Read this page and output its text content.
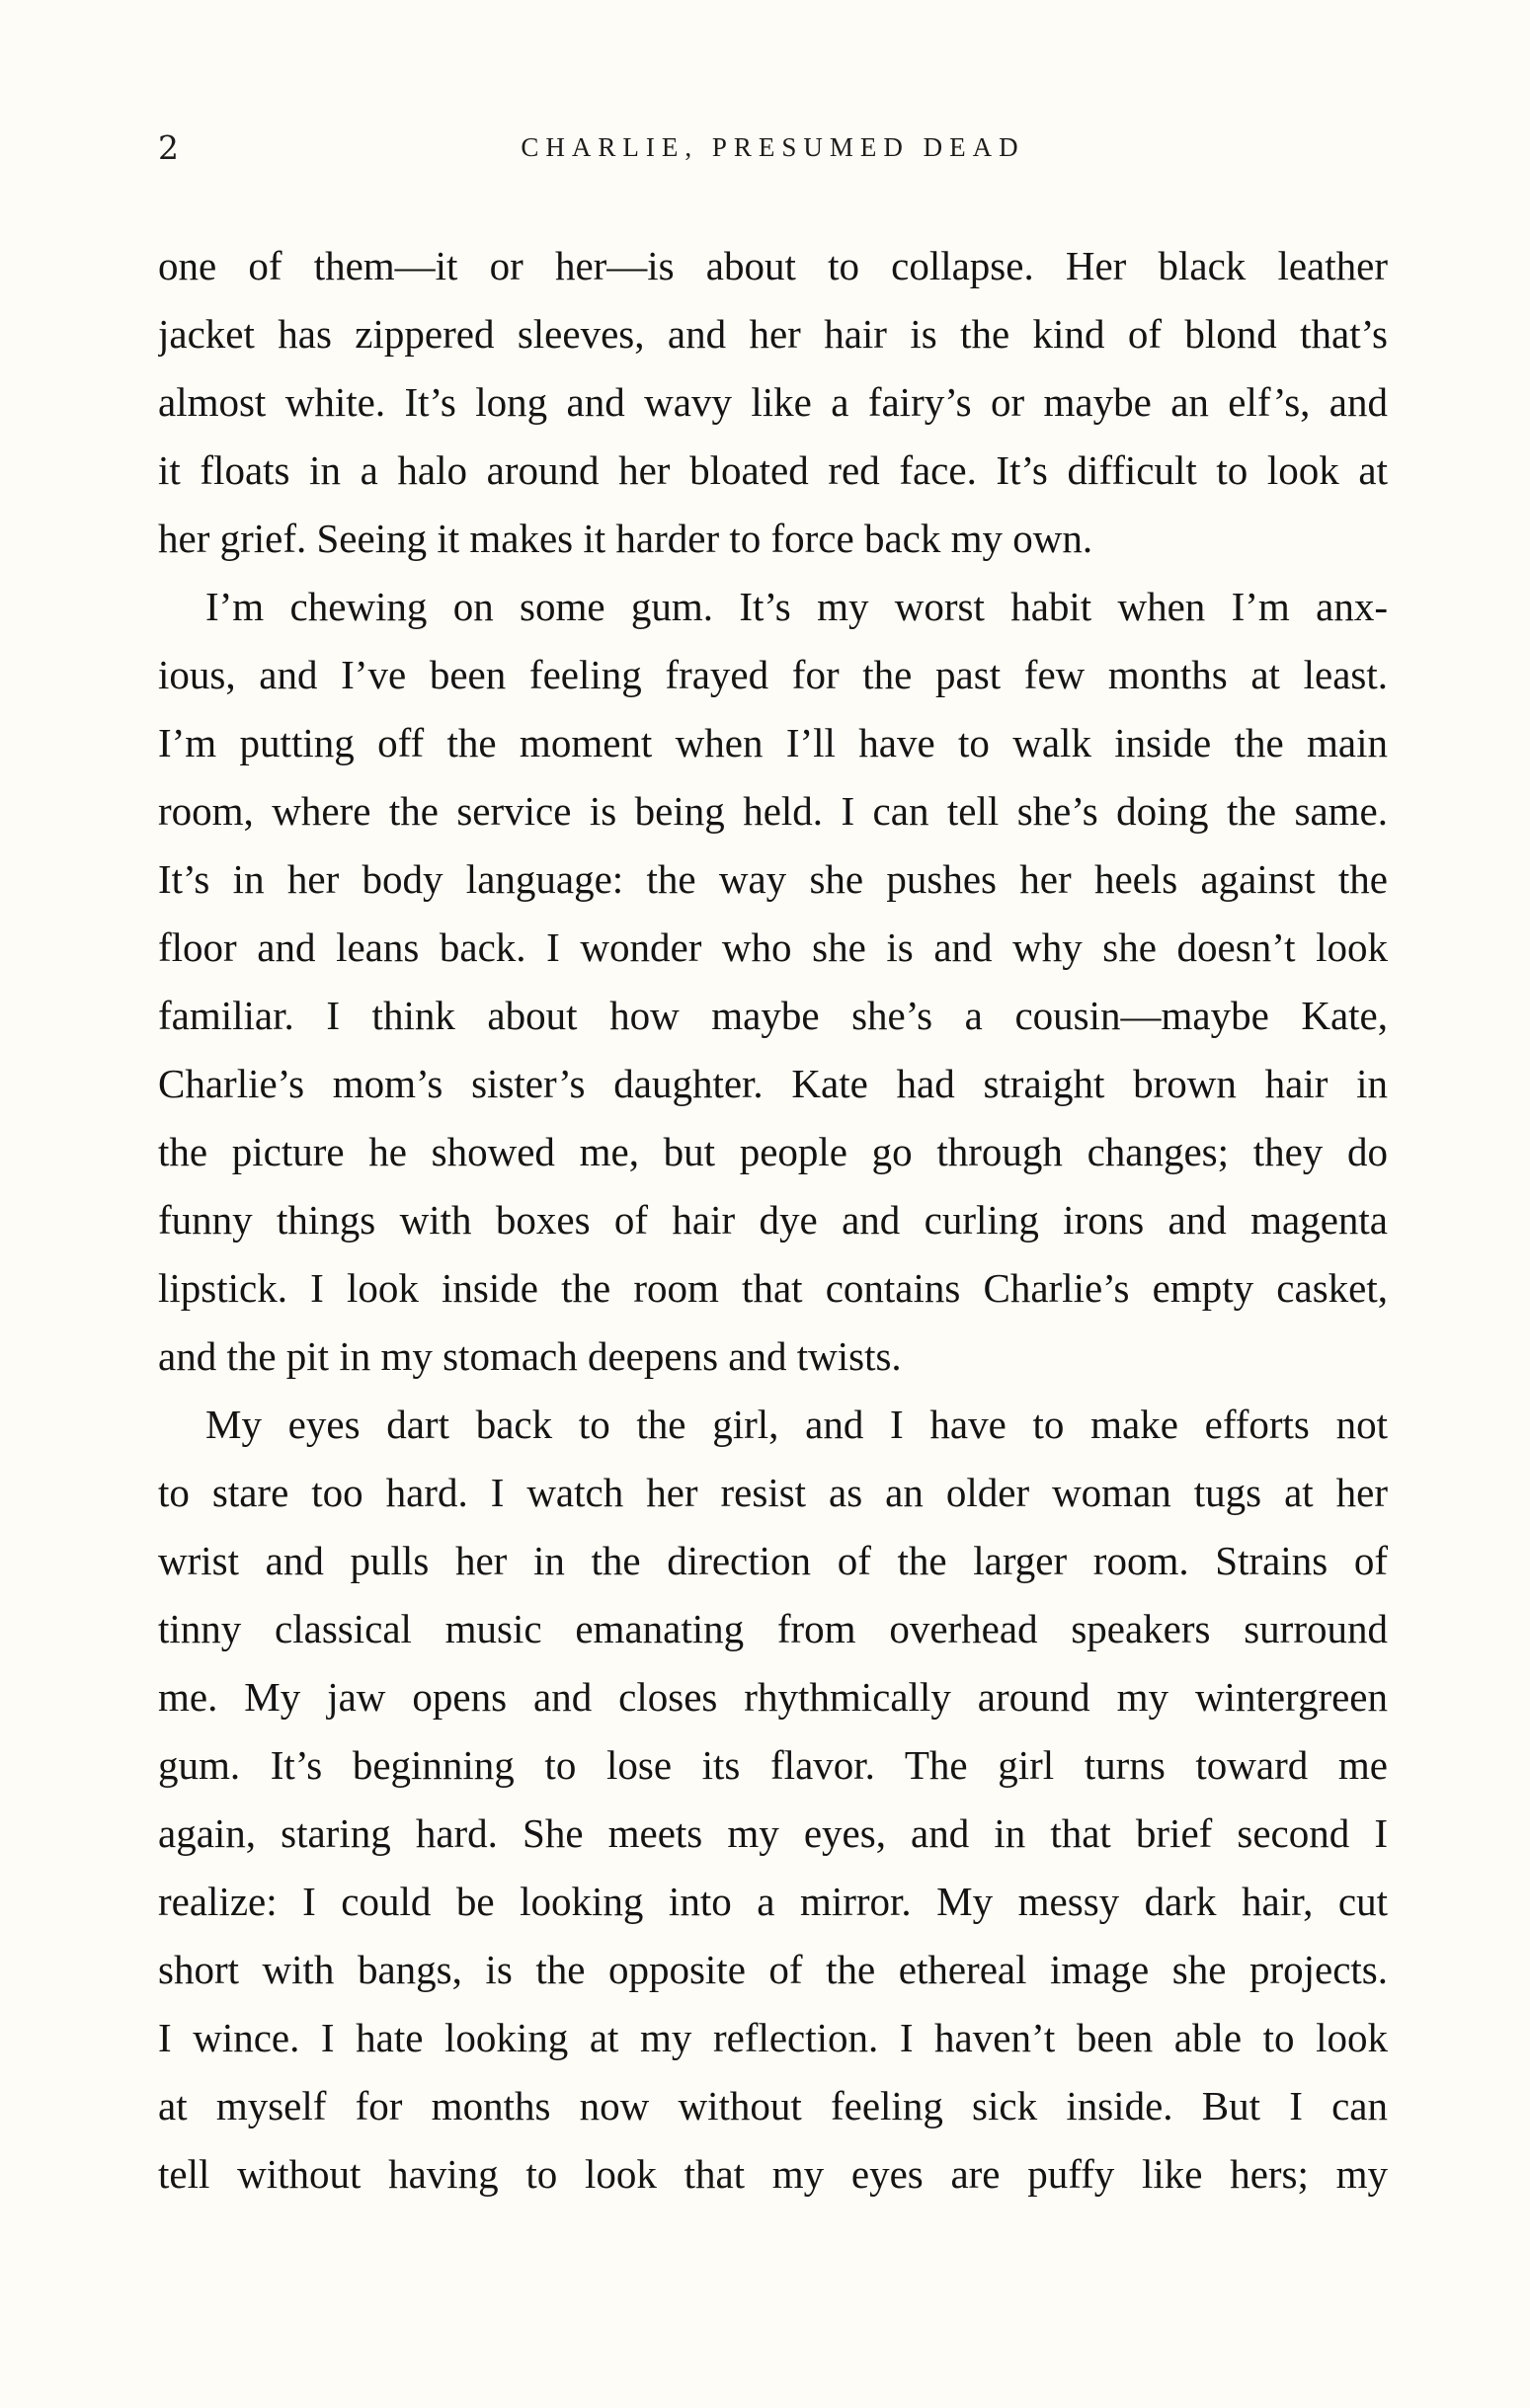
2	CHARLIE, PRESUMED DEAD
one of them—it or her—is about to collapse. Her black leather
jacket has zippered sleeves, and her hair is the kind of blond that’s
almost white. It’s long and wavy like a fairy’s or maybe an elf’s, and
it floats in a halo around her bloated red face. It’s difficult to look at
her grief. Seeing it makes it harder to force back my own.
I’m chewing on some gum. It’s my worst habit when I’m anx-
ious, and I’ve been feeling frayed for the past few months at least.
I’m putting off the moment when I’ll have to walk inside the main
room, where the service is being held. I can tell she’s doing the same.
It’s in her body language: the way she pushes her heels against the
floor and leans back. I wonder who she is and why she doesn’t look
familiar. I think about how maybe she’s a cousin—maybe Kate,
Charlie’s mom’s sister’s daughter. Kate had straight brown hair in
the picture he showed me, but people go through changes; they do
funny things with boxes of hair dye and curling irons and magenta
lipstick. I look inside the room that contains Charlie’s empty casket,
and the pit in my stomach deepens and twists.
My eyes dart back to the girl, and I have to make efforts not
to stare too hard. I watch her resist as an older woman tugs at her
wrist and pulls her in the direction of the larger room. Strains of
tinny classical music emanating from overhead speakers surround
me. My jaw opens and closes rhythmically around my wintergreen
gum. It’s beginning to lose its flavor. The girl turns toward me
again, staring hard. She meets my eyes, and in that brief second I
realize: I could be looking into a mirror. My messy dark hair, cut
short with bangs, is the opposite of the ethereal image she projects.
I wince. I hate looking at my reflection. I haven’t been able to look
at myself for months now without feeling sick inside. But I can
tell without having to look that my eyes are puffy like hers; my
